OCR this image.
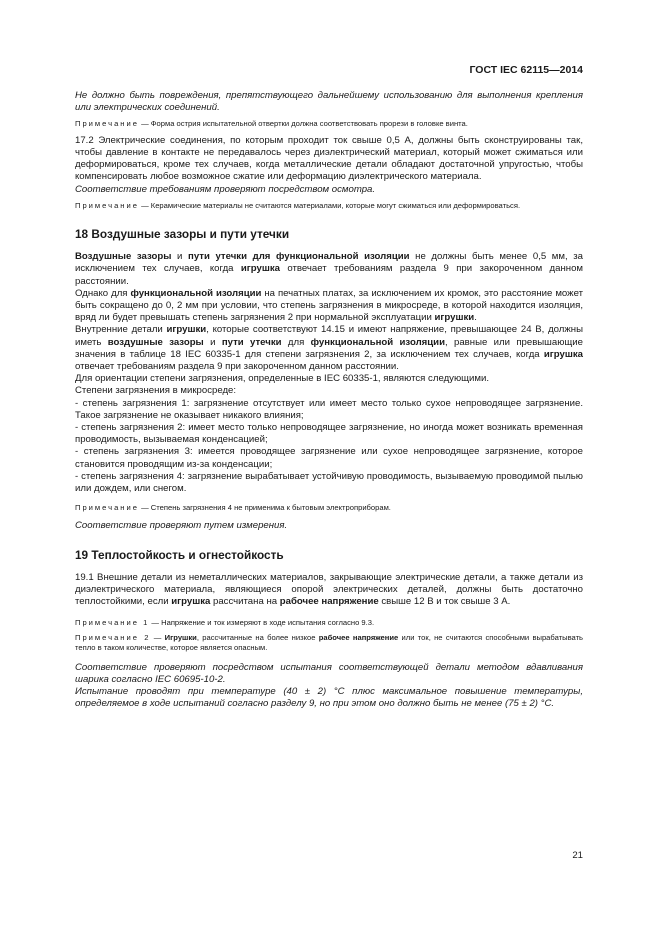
ГОСТ IEC 62115—2014

Не должно быть повреждения, препятствующего дальнейшему использованию для выполнения крепления или электрических соединений.

Примечание — Форма острия испытательной отвертки должна соответствовать прорези в головке винта.

17.2 Электрические соединения, по которым проходит ток свыше 0,5 А, должны быть сконструированы так, чтобы давление в контакте не передавалось через диэлектрический материал, который может сжиматься или деформироваться, кроме тех случаев, когда металлические детали обладают достаточной упругостью, чтобы компенсировать любое возможное сжатие или деформацию диэлектрического материала.

Соответствие требованиям проверяют посредством осмотра.

Примечание — Керамические материалы не считаются материалами, которые могут сжиматься или деформироваться.

18 Воздушные зазоры и пути утечки

Воздушные зазоры и пути утечки для функциональной изоляции не должны быть менее 0,5 мм, за исключением тех случаев, когда игрушка отвечает требованиям раздела 9 при закороченном данном расстоянии.

Однако для функциональной изоляции на печатных платах, за исключением их кромок, это расстояние может быть сокращено до 0, 2 мм при условии, что степень загрязнения в микросреде, в которой находится изоляция, вряд ли будет превышать степень загрязнения 2 при нормальной эксплуатации игрушки.

Внутренние детали игрушки, которые соответствуют 14.15 и имеют напряжение, превышающее 24 В, должны иметь воздушные зазоры и пути утечки для функциональной изоляции, равные или превышающие значения в таблице 18 IEC 60335-1 для степени загрязнения 2, за исключением тех случаев, когда игрушка отвечает требованиям раздела 9 при закороченном данном расстоянии.

Для ориентации степени загрязнения, определенные в IEC 60335-1, являются следующими.

Степени загрязнения в микросреде:

- степень загрязнения 1: загрязнение отсутствует или имеет место только сухое непроводящее загрязнение. Такое загрязнение не оказывает никакого влияния;

- степень загрязнения 2: имеет место только непроводящее загрязнение, но иногда может возникать временная проводимость, вызываемая конденсацией;

- степень загрязнения 3: имеется проводящее загрязнение или сухое непроводящее загрязнение, которое становится проводящим из-за конденсации;

- степень загрязнения 4: загрязнение вырабатывает устойчивую проводимость, вызываемую проводимой пылью или дождем, или снегом.

Примечание — Степень загрязнения 4 не применима к бытовым электроприборам.

Соответствие проверяют путем измерения.

19 Теплостойкость и огнестойкость

19.1 Внешние детали из неметаллических материалов, закрывающие электрические детали, а также детали из диэлектрического материала, являющиеся опорой электрических деталей, должны быть достаточно теплостойкими, если игрушка рассчитана на рабочее напряжение свыше 12 В и ток свыше 3 А.

Примечание 1 — Напряжение и ток измеряют в ходе испытания согласно 9.3.

Примечание 2 — Игрушки, рассчитанные на более низкое рабочее напряжение или ток, не считаются способными вырабатывать тепло в таком количестве, которое является опасным.

Соответствие проверяют посредством испытания соответствующей детали методом вдавливания шарика согласно IEC 60695-10-2.

Испытание проводят при температуре (40 ± 2) °С плюс максимальное повышение температуры, определяемое в ходе испытаний согласно разделу 9, но при этом оно должно быть не менее (75 ± 2) °С.

21
